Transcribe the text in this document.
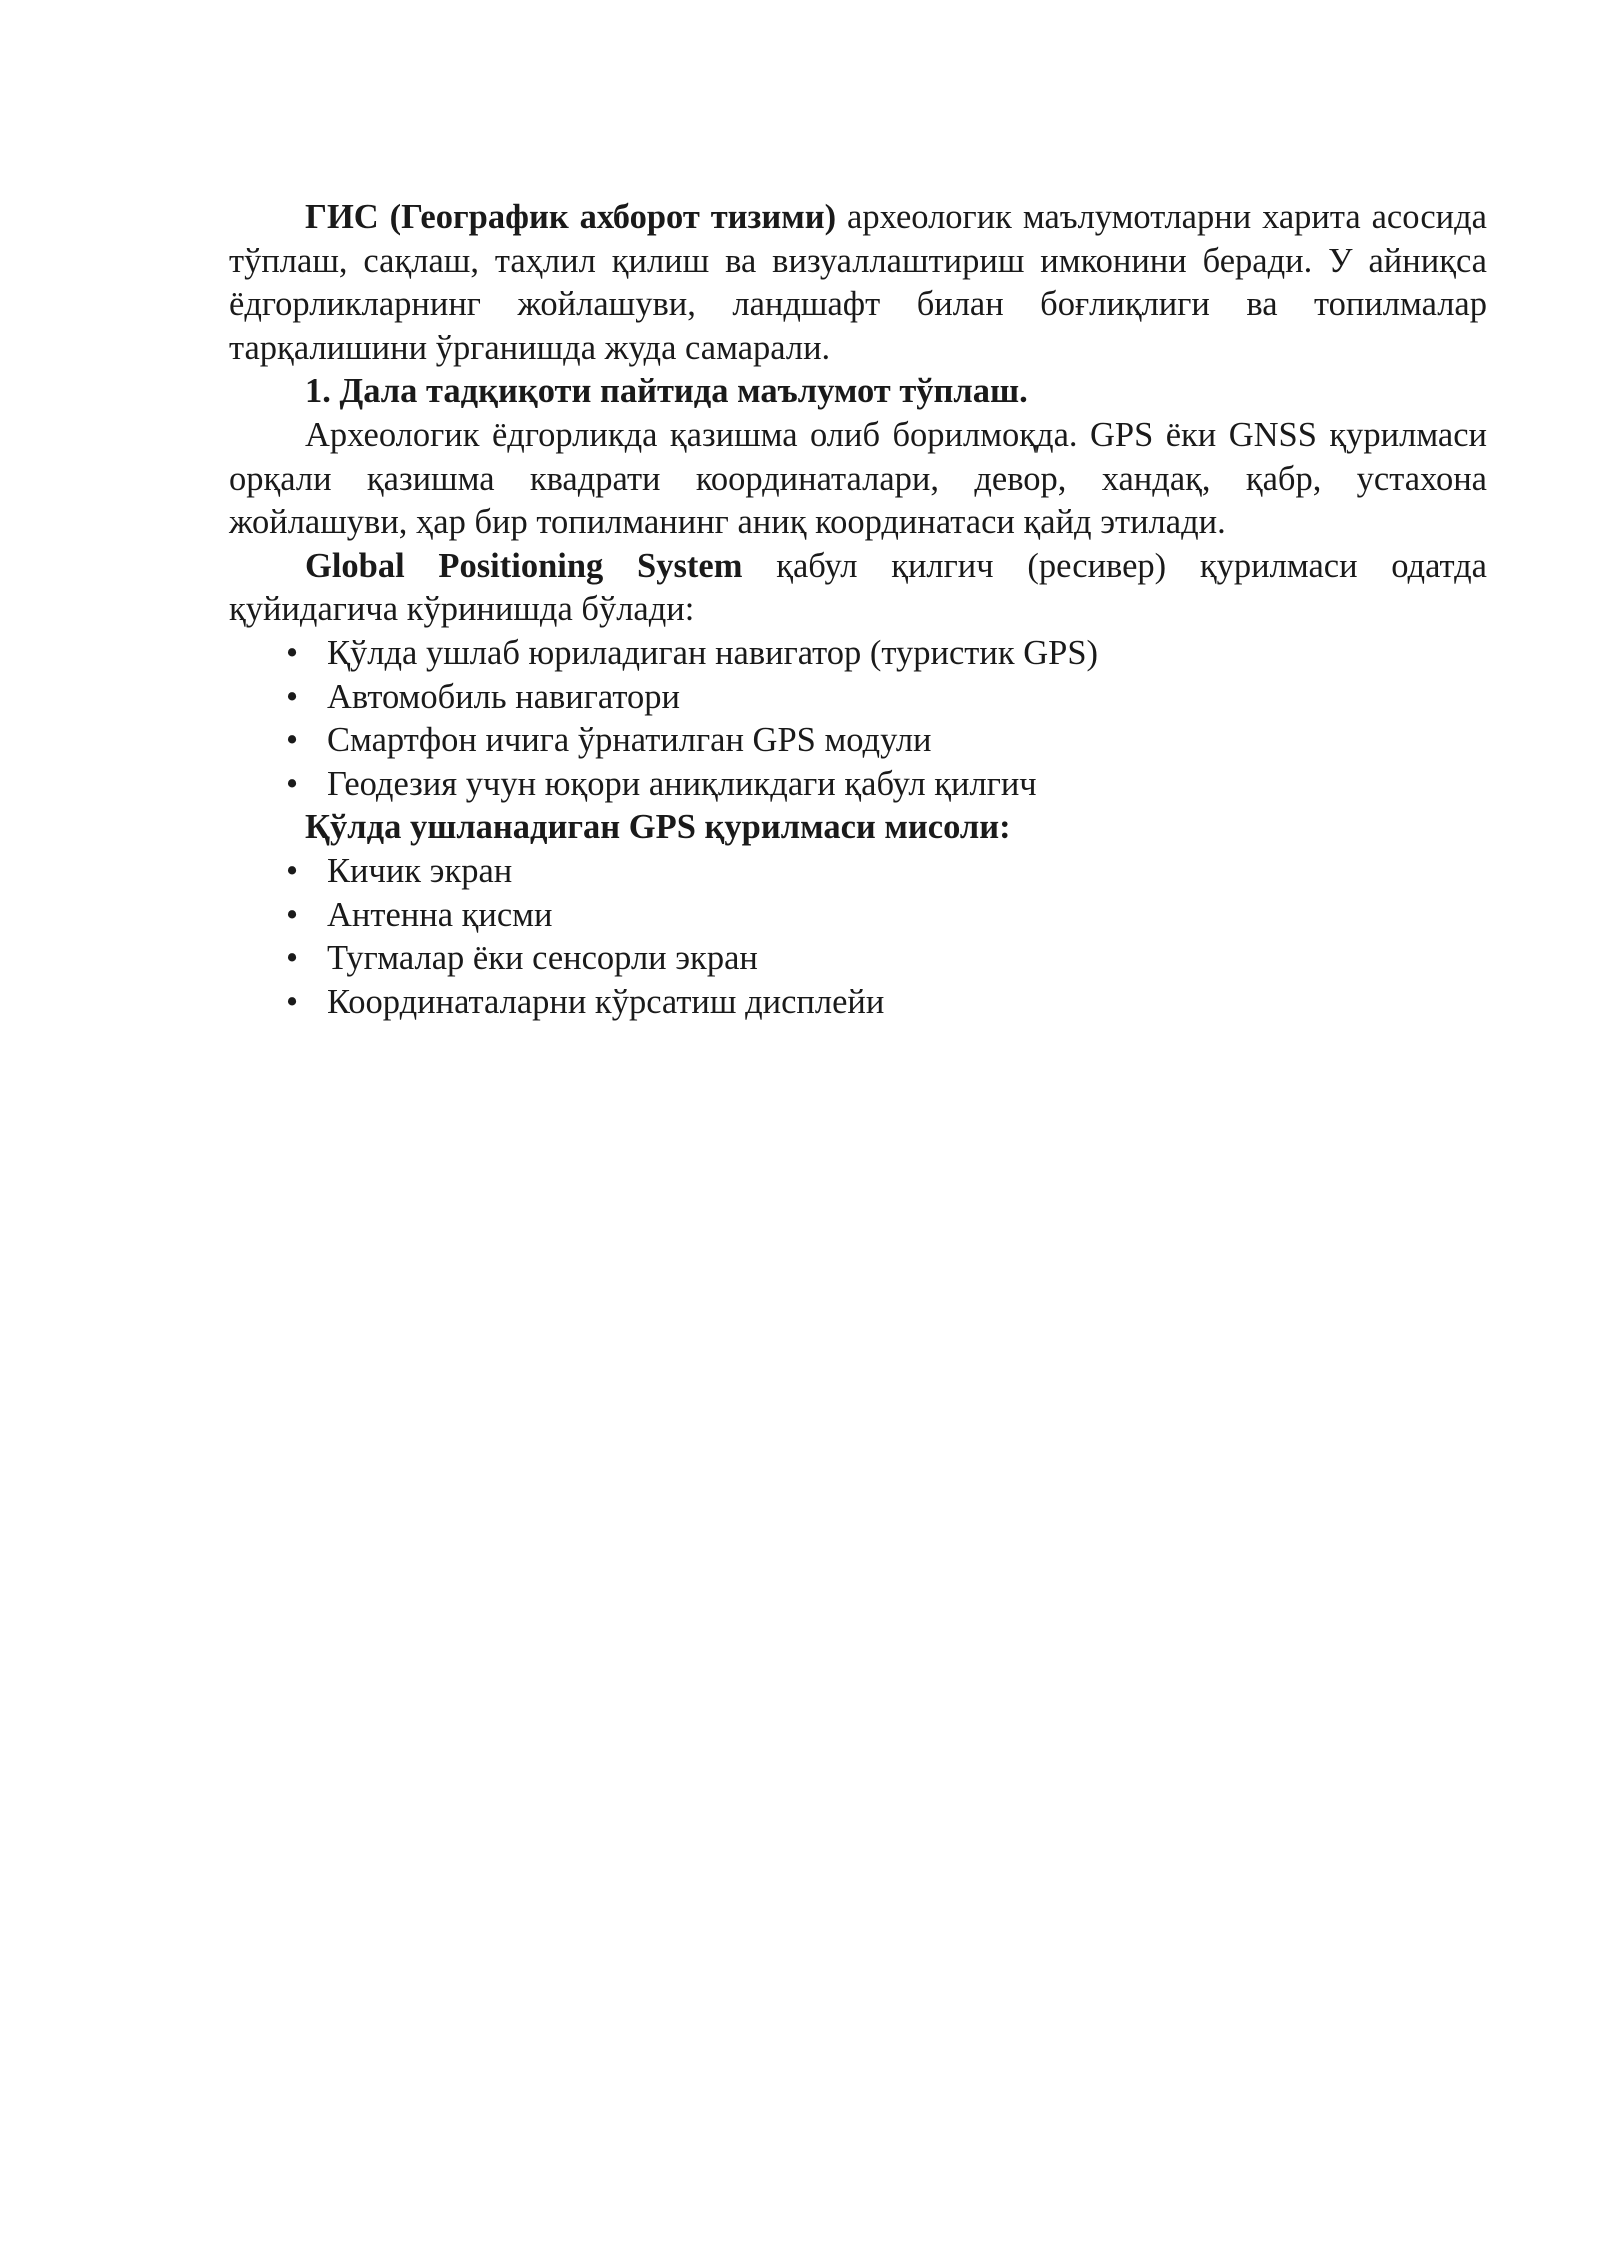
ГИС (Географик ахборот тизими) археологик маълумотларни харита асосида тўплаш, сақлаш, таҳлил қилиш ва визуаллаштириш имконини беради. У айниқса ёдгорликларнинг жойлашуви, ландшафт билан боғлиқлиги ва топилмалар тарқалишини ўрганишда жуда самарали.

1. Дала тадқиқоти пайтида маълумот тўплаш.

Археологик ёдгорликда қазишма олиб борилмоқда. GPS ёки GNSS қурилмаси орқали қазишма квадрати координаталари, девор, хандақ, қабр, устахона жойлашуви, ҳар бир топилманинг аниқ координатаси қайд этилади.

Global Positioning System қабул қилгич (ресивер) қурилмаси одатда қуйидагича кўринишда бўлади:

• Қўлда ушлаб юриладиган навигатор (туристик GPS)
• Автомобиль навигатори
• Смартфон ичига ўрнатилган GPS модули
• Геодезия учун юқори аниқликдаги қабул қилгич

Қўлда ушланадиган GPS қурилмаси мисоли:

• Кичик экран
• Антенна қисми
• Тугмалар ёки сенсорли экран
• Координаталарни кўрсатиш дисплейи
